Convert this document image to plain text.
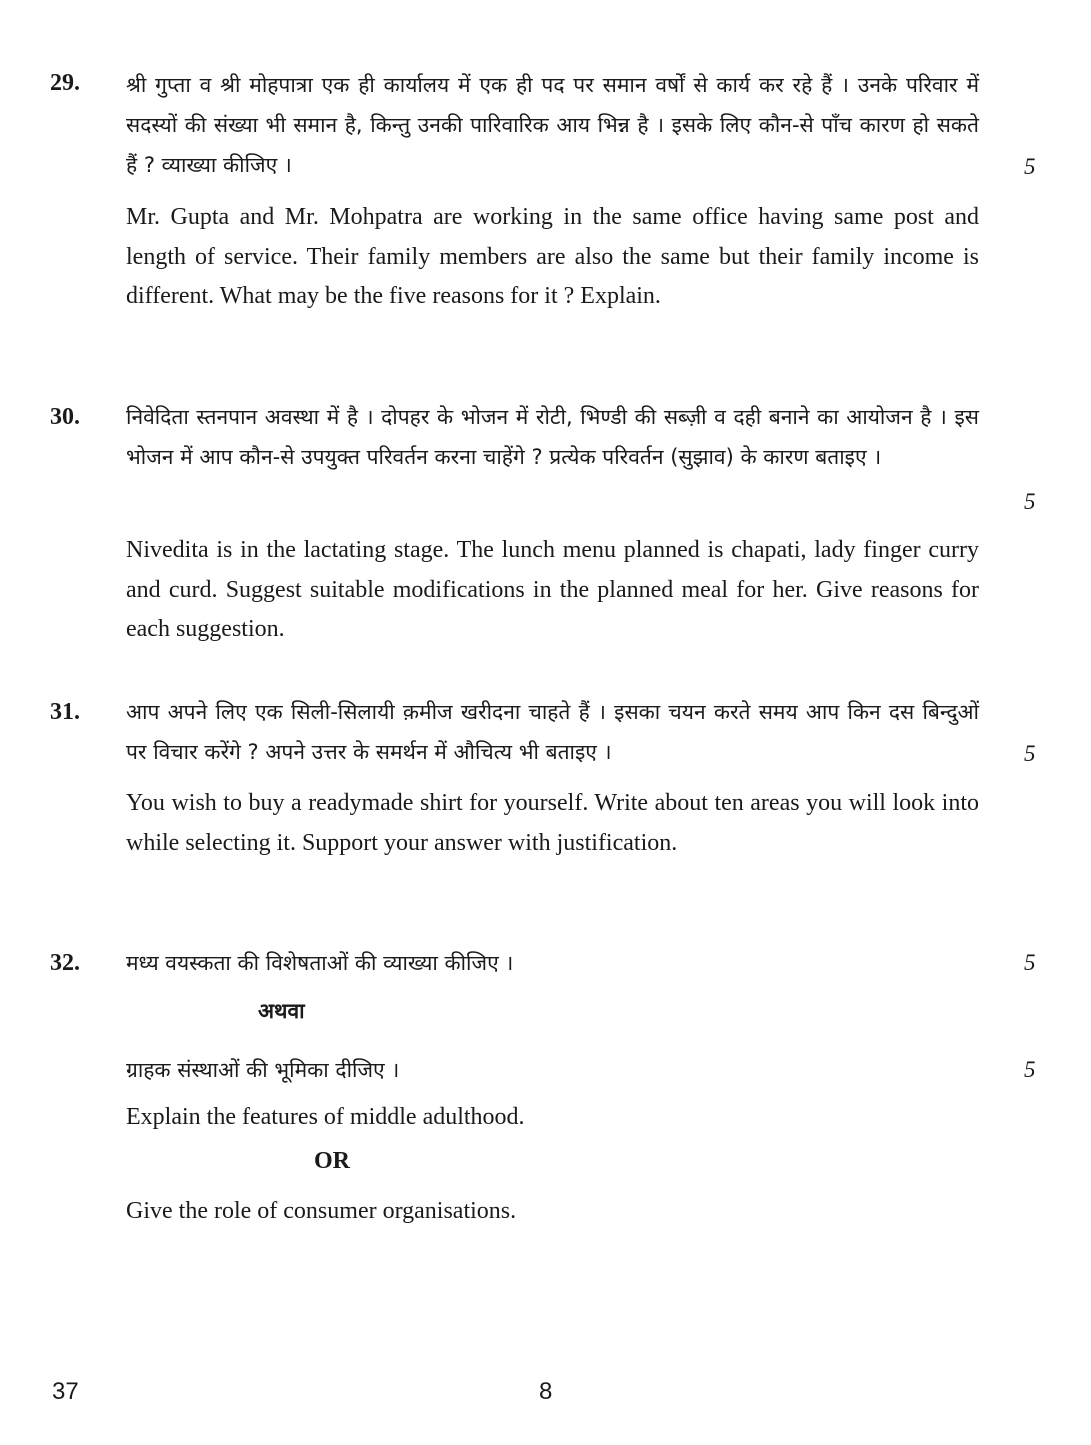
29. श्री गुप्ता व श्री मोहपात्रा एक ही कार्यालय में एक ही पद पर समान वर्षों से कार्य कर रहे हैं । उनके परिवार में सदस्यों की संख्या भी समान है, किन्तु उनकी पारिवारिक आय भिन्न है । इसके लिए कौन-से पाँच कारण हो सकते हैं ? व्याख्या कीजिए ।	5
Mr. Gupta and Mr. Mohpatra are working in the same office having same post and length of service. Their family members are also the same but their family income is different. What may be the five reasons for it ? Explain.
30. निवेदिता स्तनपान अवस्था में है । दोपहर के भोजन में रोटी, भिण्डी की सब्ज़ी व दही बनाने का आयोजन है । इस भोजन में आप कौन-से उपयुक्त परिवर्तन करना चाहेंगे ? प्रत्येक परिवर्तन (सुझाव) के कारण बताइए ।
5
Nivedita is in the lactating stage. The lunch menu planned is chapati, lady finger curry and curd. Suggest suitable modifications in the planned meal for her. Give reasons for each suggestion.
31. आप अपने लिए एक सिली-सिलायी क़मीज खरीदना चाहते हैं । इसका चयन करते समय आप किन दस बिन्दुओं पर विचार करेंगे ? अपने उत्तर के समर्थन में औचित्य भी बताइए ।	5
You wish to buy a readymade shirt for yourself. Write about ten areas you will look into while selecting it. Support your answer with justification.
32. मध्य वयस्कता की विशेषताओं की व्याख्या कीजिए ।	5
अथवा
ग्राहक संस्थाओं की भूमिका दीजिए ।	5
Explain the features of middle adulthood.
OR
Give the role of consumer organisations.
37	8
